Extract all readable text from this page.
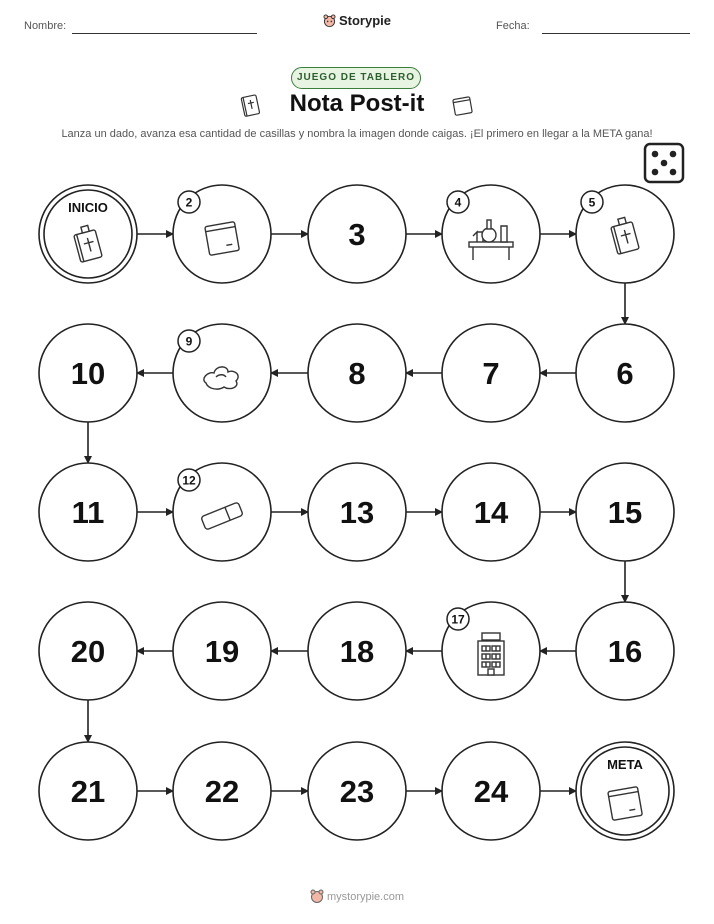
Nombre:	Storypie	Fecha:
JUEGO DE TABLERO
Nota Post-it
Lanza un dado, avanza esa cantidad de casillas y nombra la imagen donde caigas. ¡El primero en llegar a la META gana!
INICIO	2
3
4	5
6
7
8
9
10
11
12
13	14	15
16
17
18
19
20
21	22	23	24
META
mystorypie.com
